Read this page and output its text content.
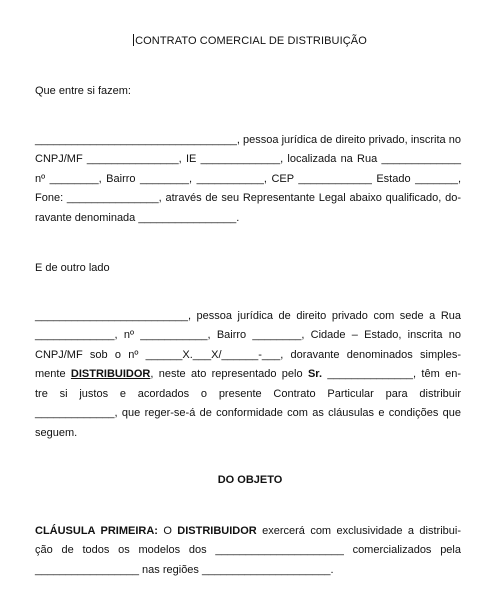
CONTRATO COMERCIAL DE DISTRIBUIÇÃO
Que entre si fazem:
_________________________________, pessoa jurídica de direito privado, inscrita no
CNPJ/MF _______________, IE _____________, localizada na Rua _____________
nº ________, Bairro ________, ___________, CEP ____________ Estado _______,
Fone: _______________, através de seu Representante Legal abaixo qualificado, do-
ravante denominada ________________.
E de outro lado
_________________________, pessoa jurídica de direito privado com sede a Rua
_____________, nº ___________, Bairro ________, Cidade – Estado, inscrita no
CNPJ/MF sob o nº ______X.___X/______-___, doravante denominados simples-
mente DISTRIBUIDOR, neste ato representado pelo Sr. ______________, têm en-
tre si justos e acordados o presente Contrato Particular para distribuir
_____________, que reger-se-á de conformidade com as cláusulas e condições que
seguem.
DO OBJETO
CLÁUSULA PRIMEIRA: O DISTRIBUIDOR exercerá com exclusividade a distribui-
ção de todos os modelos dos _____________________ comercializados pela
_________________ nas regiões _____________________.
